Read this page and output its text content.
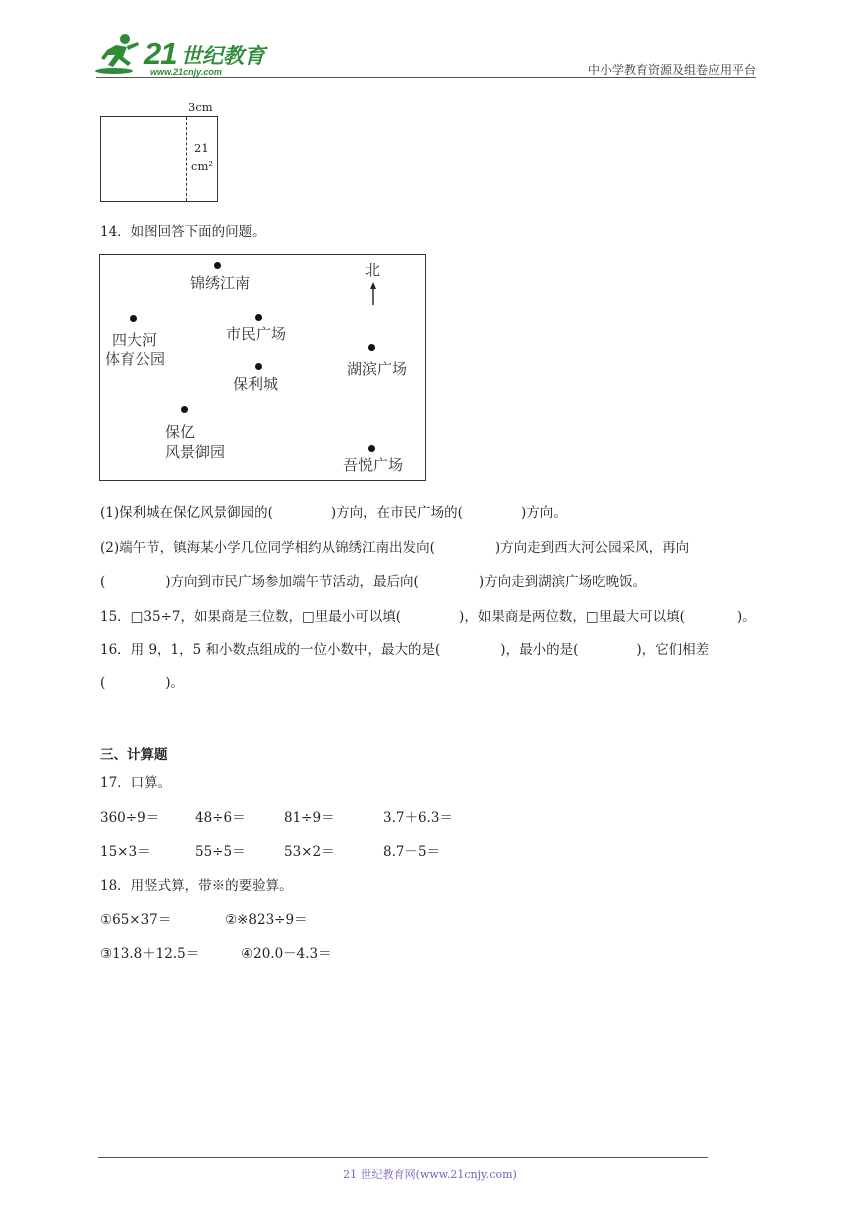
21 世纪教育
www.21cnjy.com	中小学教育资源及组卷应用平台
3cm
21
cm²
14．如图回答下面的问题。
北
锦绣江南
四大河
体育公园
市民广场
湖滨广场
保利城
保亿
风景御园
吾悦广场
(1)保利城在保亿风景御园的(	)方向，在市民广场的(	)方向。
(2)端午节，镇海某小学几位同学相约从锦绣江南出发向(	)方向走到西大河公园采风，再向
(	)方向到市民广场参加端午节活动，最后向(	)方向走到湖滨广场吃晚饭。
15．□35÷7，如果商是三位数，□里最小可以填(	)，如果商是两位数，□里最大可以填(	)。
16．用 9，1，5 和小数点组成的一位小数中，最大的是(	)，最小的是(	)，它们相差
(	)。
三、计算题
17．口算。
360÷9＝	48÷6＝	81÷9＝	3.7＋6.3＝
15×3＝	55÷5＝	53×2＝	8.7－5＝
18．用竖式算，带※的要验算。
①65×37＝	②※823÷9＝
③13.8＋12.5＝	④20.0－4.3＝
21 世纪教育网(www.21cnjy.com)
